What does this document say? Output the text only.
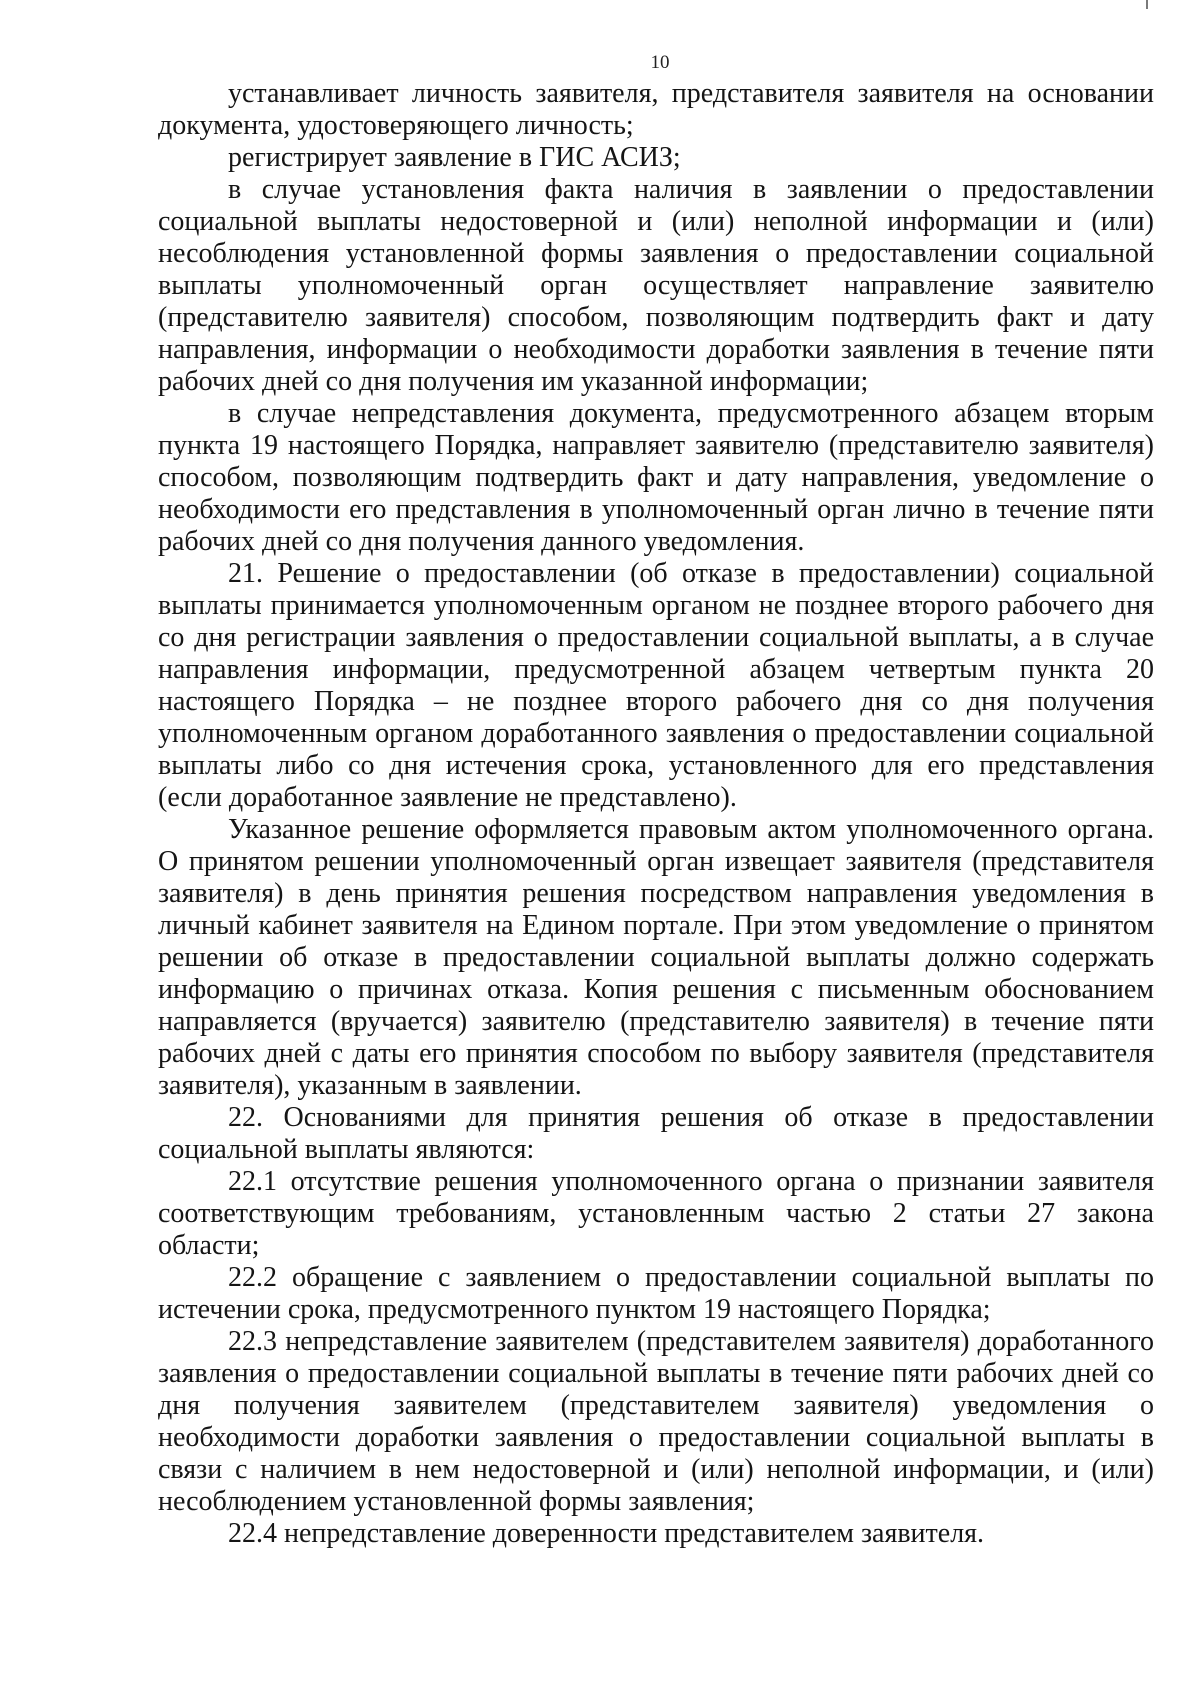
10

устанавливает личность заявителя, представителя заявителя на основании документа, удостоверяющего личность;

регистрирует заявление в ГИС АСИЗ;

в случае установления факта наличия в заявлении о предоставлении социальной выплаты недостоверной и (или) неполной информации и (или) несоблюдения установленной формы заявления о предоставлении социальной выплаты уполномоченный орган осуществляет направление заявителю (представителю заявителя) способом, позволяющим подтвердить факт и дату направления, информации о необходимости доработки заявления в течение пяти рабочих дней со дня получения им указанной информации;

в случае непредставления документа, предусмотренного абзацем вторым пункта 19 настоящего Порядка, направляет заявителю (представителю заявителя) способом, позволяющим подтвердить факт и дату направления, уведомление о необходимости его представления в уполномоченный орган лично в течение пяти рабочих дней со дня получения данного уведомления.

21. Решение о предоставлении (об отказе в предоставлении) социальной выплаты принимается уполномоченным органом не позднее второго рабочего дня со дня регистрации заявления о предоставлении социальной выплаты, а в случае направления информации, предусмотренной абзацем четвертым пункта 20 настоящего Порядка – не позднее второго рабочего дня со дня получения уполномоченным органом доработанного заявления о предоставлении социальной выплаты либо со дня истечения срока, установленного для его представления (если доработанное заявление не представлено).

Указанное решение оформляется правовым актом уполномоченного органа. О принятом решении уполномоченный орган извещает заявителя (представителя заявителя) в день принятия решения посредством направления уведомления в личный кабинет заявителя на Едином портале. При этом уведомление о принятом решении об отказе в предоставлении социальной выплаты должно содержать информацию о причинах отказа. Копия решения с письменным обоснованием направляется (вручается) заявителю (представителю заявителя) в течение пяти рабочих дней с даты его принятия способом по выбору заявителя (представителя заявителя), указанным в заявлении.

22. Основаниями для принятия решения об отказе в предоставлении социальной выплаты являются:

22.1 отсутствие решения уполномоченного органа о признании заявителя соответствующим требованиям, установленным частью 2 статьи 27 закона области;

22.2 обращение с заявлением о предоставлении социальной выплаты по истечении срока, предусмотренного пунктом 19 настоящего Порядка;

22.3 непредставление заявителем (представителем заявителя) доработанного заявления о предоставлении социальной выплаты в течение пяти рабочих дней со дня получения заявителем (представителем заявителя) уведомления о необходимости доработки заявления о предоставлении социальной выплаты в связи с наличием в нем недостоверной и (или) неполной информации, и (или) несоблюдением установленной формы заявления;

22.4 непредставление доверенности представителем заявителя.
